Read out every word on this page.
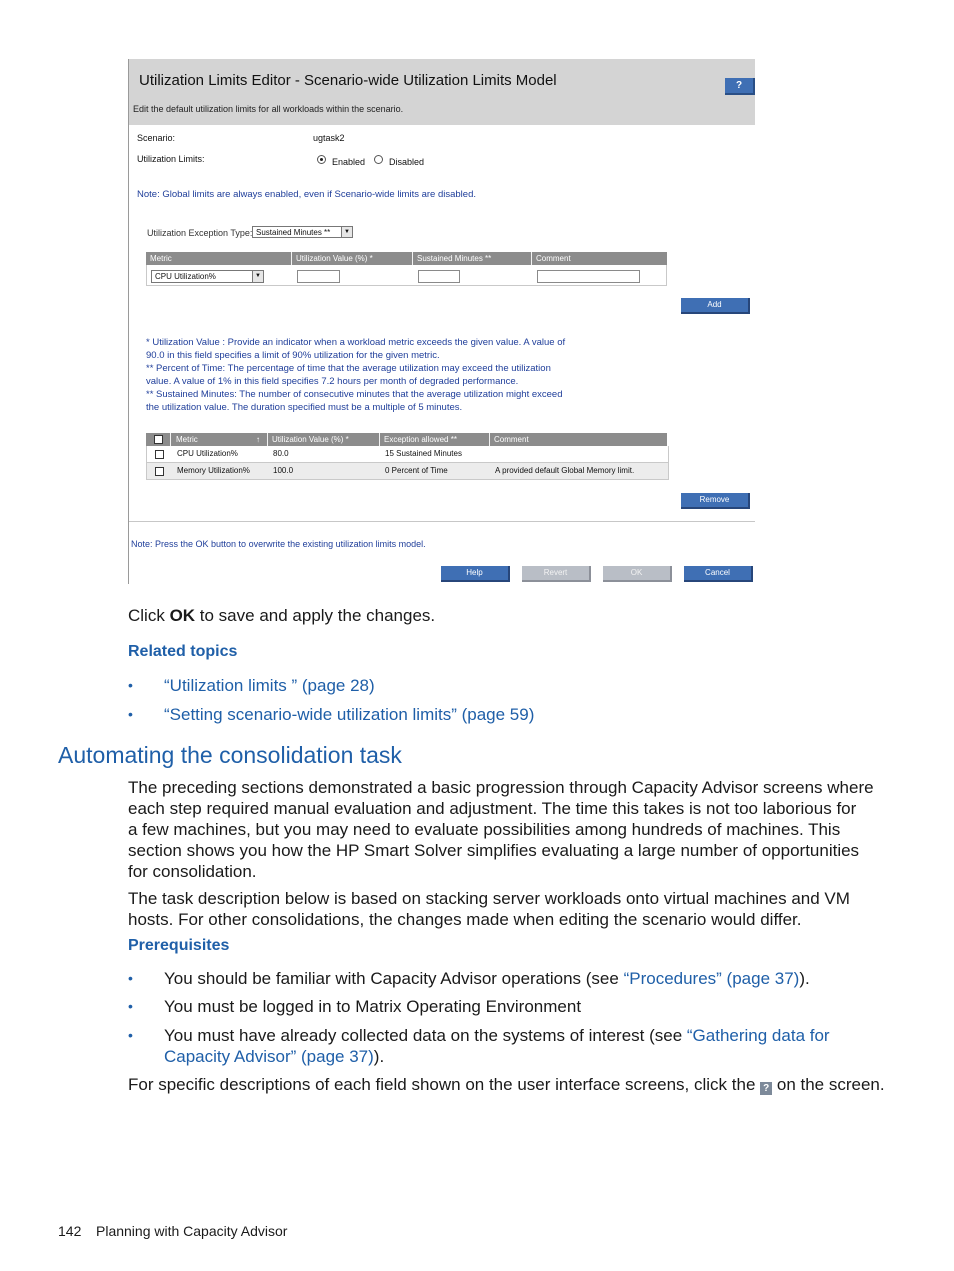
Utilization Limits Editor - Scenario-wide Utilization Limits Model
Edit the default utilization limits for all workloads within the scenario.
?
Scenario:	ugtask2
Utilization Limits:	Enabled	Disabled
Note: Global limits are always enabled, even if Scenario-wide limits are disabled.
Utilization Exception Type: Sustained Minutes **	▼
Metric	Utilization Value (%) *	Sustained Minutes **	Comment
CPU Utilization%	▼
Add
* Utilization Value : Provide an indicator when a workload metric exceeds the given value. A value of
90.0 in this field specifies a limit of 90% utilization for the given metric.
** Percent of Time: The percentage of time that the average utilization may exceed the utilization
value. A value of 1% in this field specifies 7.2 hours per month of degraded performance.
** Sustained Minutes: The number of consecutive minutes that the average utilization might exceed
the utilization value. The duration specified must be a multiple of 5 minutes.
Metric	↑ Utilization Value (%) *	Exception allowed **	Comment
CPU Utilization%	80.0	15 Sustained Minutes
Memory Utilization%	100.0	0 Percent of Time	A provided default Global Memory limit.
Remove
Note: Press the OK button to overwrite the existing utilization limits model.
Help	Revert	OK	Cancel
Click OK to save and apply the changes.
Related topics
• “Utilization limits ” (page 28)
• “Setting scenario-wide utilization limits” (page 59)
Automating the consolidation task
The preceding sections demonstrated a basic progression through Capacity Advisor screens where
each step required manual evaluation and adjustment. The time this takes is not too laborious for
a few machines, but you may need to evaluate possibilities among hundreds of machines. This
section shows you how the HP Smart Solver simplifies evaluating a large number of opportunities
for consolidation.
The task description below is based on stacking server workloads onto virtual machines and VM
hosts. For other consolidations, the changes made when editing the scenario would differ.
Prerequisites
• You should be familiar with Capacity Advisor operations (see “Procedures” (page 37)).
• You must be logged in to Matrix Operating Environment
• You must have already collected data on the systems of interest (see “Gathering data for
Capacity Advisor” (page 37)).
For specific descriptions of each field shown on the user interface screens, click the ? on the screen.
142 Planning with Capacity Advisor
